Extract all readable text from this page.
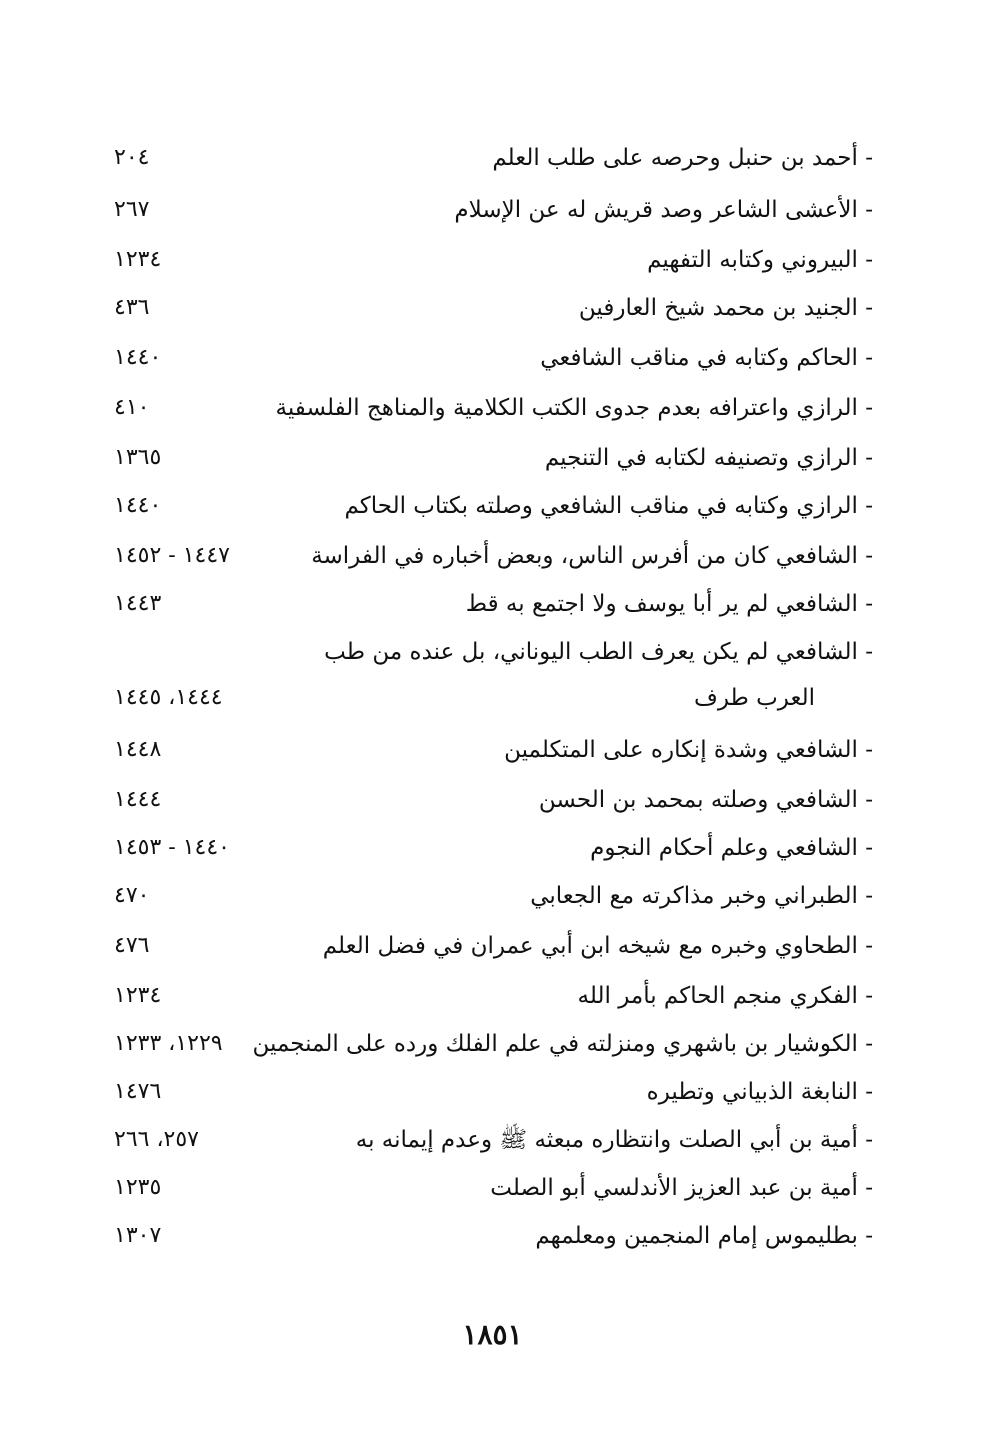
- أحمد بن حنبل وحرصه على طلب العلم
٢٠٤
- الأعشى الشاعر وصد قريش له عن الإسلام
٢٦٧
- البيروني وكتابه التفهيم
١٢٣٤
- الجنيد بن محمد شيخ العارفين
٤٣٦
- الحاكم وكتابه في مناقب الشافعي
١٤٤٠
- الرازي واعترافه بعدم جدوى الكتب الكلامية والمناهج الفلسفية
٤١٠
- الرازي وتصنيفه لكتابه في التنجيم
١٣٦٥
- الرازي وكتابه في مناقب الشافعي وصلته بكتاب الحاكم
١٤٤٠
- الشافعي كان من أفرس الناس، وبعض أخباره في الفراسة
١٤٤٧ - ١٤٥٢
- الشافعي لم ير أبا يوسف ولا اجتمع به قط
١٤٤٣
- الشافعي لم يكن يعرف الطب اليوناني، بل عنده من طب
العرب طرف
١٤٤٤، ١٤٤٥
- الشافعي وشدة إنكاره على المتكلمين
١٤٤٨
- الشافعي وصلته بمحمد بن الحسن
١٤٤٤
- الشافعي وعلم أحكام النجوم
١٤٤٠ - ١٤٥٣
- الطبراني وخبر مذاكرته مع الجعابي
٤٧٠
- الطحاوي وخبره مع شيخه ابن أبي عمران في فضل العلم
٤٧٦
- الفكري منجم الحاكم بأمر الله
١٢٣٤
- الكوشيار بن باشهري ومنزلته في علم الفلك ورده على المنجمين
١٢٢٩، ١٢٣٣
- النابغة الذبياني وتطيره
١٤٧٦
- أمية بن أبي الصلت وانتظاره مبعثه ﷺ وعدم إيمانه به
٢٥٧، ٢٦٦
- أمية بن عبد العزيز الأندلسي أبو الصلت
١٢٣٥
- بطليموس إمام المنجمين ومعلمهم
١٣٠٧
١٨٥١
